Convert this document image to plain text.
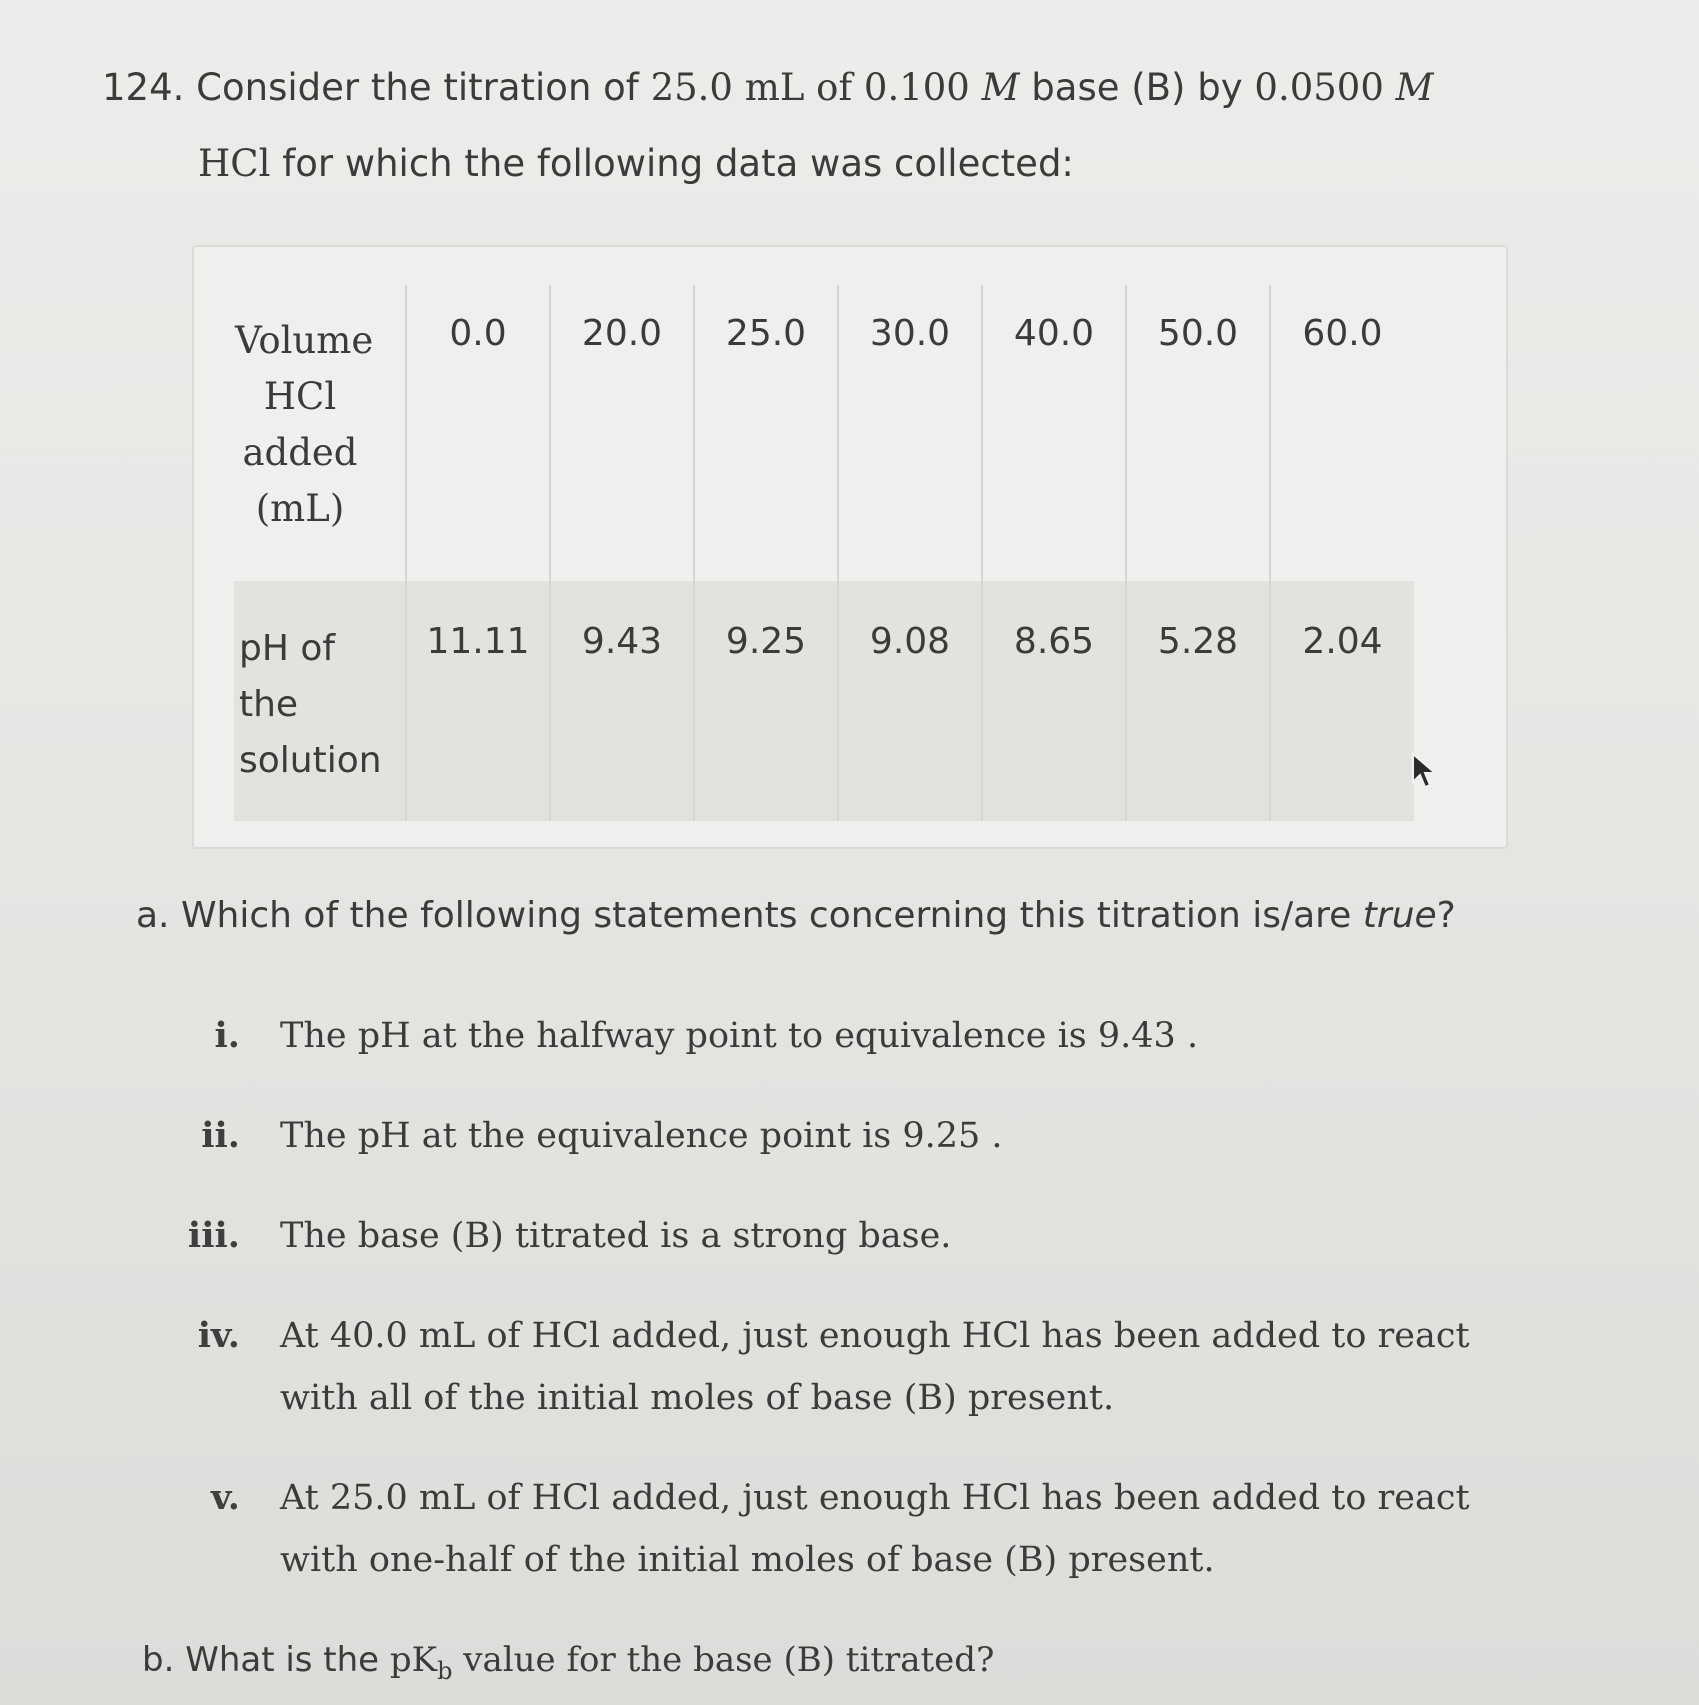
124. Consider the titration of 25.0 mL of 0.100 M base (B) by 0.0500 M
HCl for which the following data was collected:
Volume
HCl
added
(mL)	0.0	20.0	25.0	30.0	40.0	50.0	60.0

pH of
the
solution	11.11	9.43	9.25	9.08	8.65	5.28	2.04
a. Which of the following statements concerning this titration is/are true?
i. The pH at the halfway point to equivalence is 9.43 .
ii. The pH at the equivalence point is 9.25 .
iii. The base (B) titrated is a strong base.
iv. At 40.0 mL of HCl added, just enough HCl has been added to react with all of the initial moles of base (B) present.
v. At 25.0 mL of HCl added, just enough HCl has been added to react with one-half of the initial moles of base (B) present.
b. What is the $pK_b$ value for the base (B) titrated?
